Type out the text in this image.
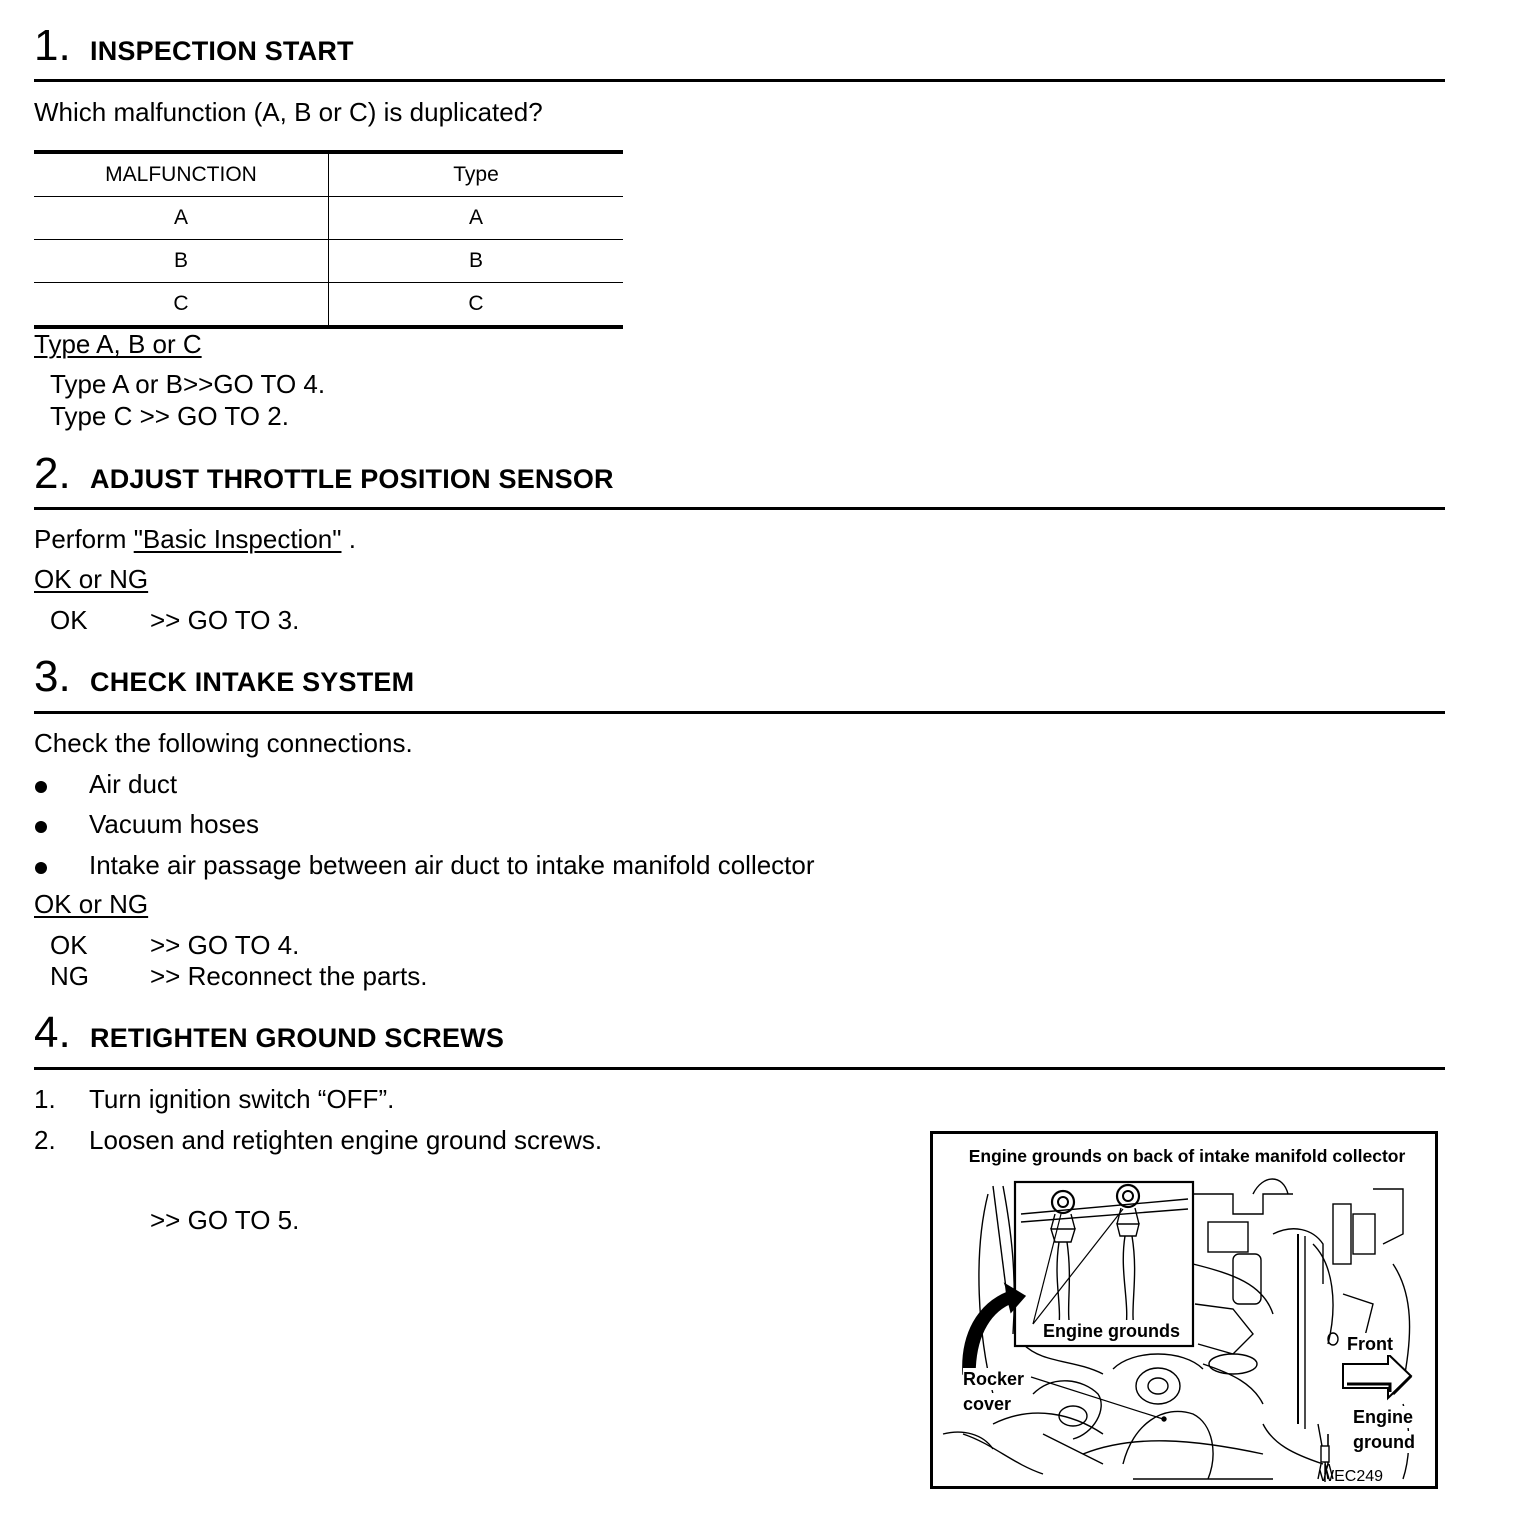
1. INSPECTION START
Which malfunction (A, B or C) is duplicated?
MALFUNCTION	Type
A	A
B	B
C	C
Type A, B or C
Type A or B>>GO TO 4.
Type C >> GO TO 2.
2. ADJUST THROTTLE POSITION SENSOR
Perform "Basic Inspection" .
OK or NG
OK >> GO TO 3.
3. CHECK INTAKE SYSTEM
Check the following connections.
Air duct
Vacuum hoses
Intake air passage between air duct to intake manifold collector
OK or NG
OK >> GO TO 4.
NG >> Reconnect the parts.
4. RETIGHTEN GROUND SCREWS
1. Turn ignition switch “OFF”.
2. Loosen and retighten engine ground screws.
>> GO TO 5.
Engine grounds on back of intake manifold collector
Engine grounds
Front
Rocker
cover
Engine
ground
WEC249
